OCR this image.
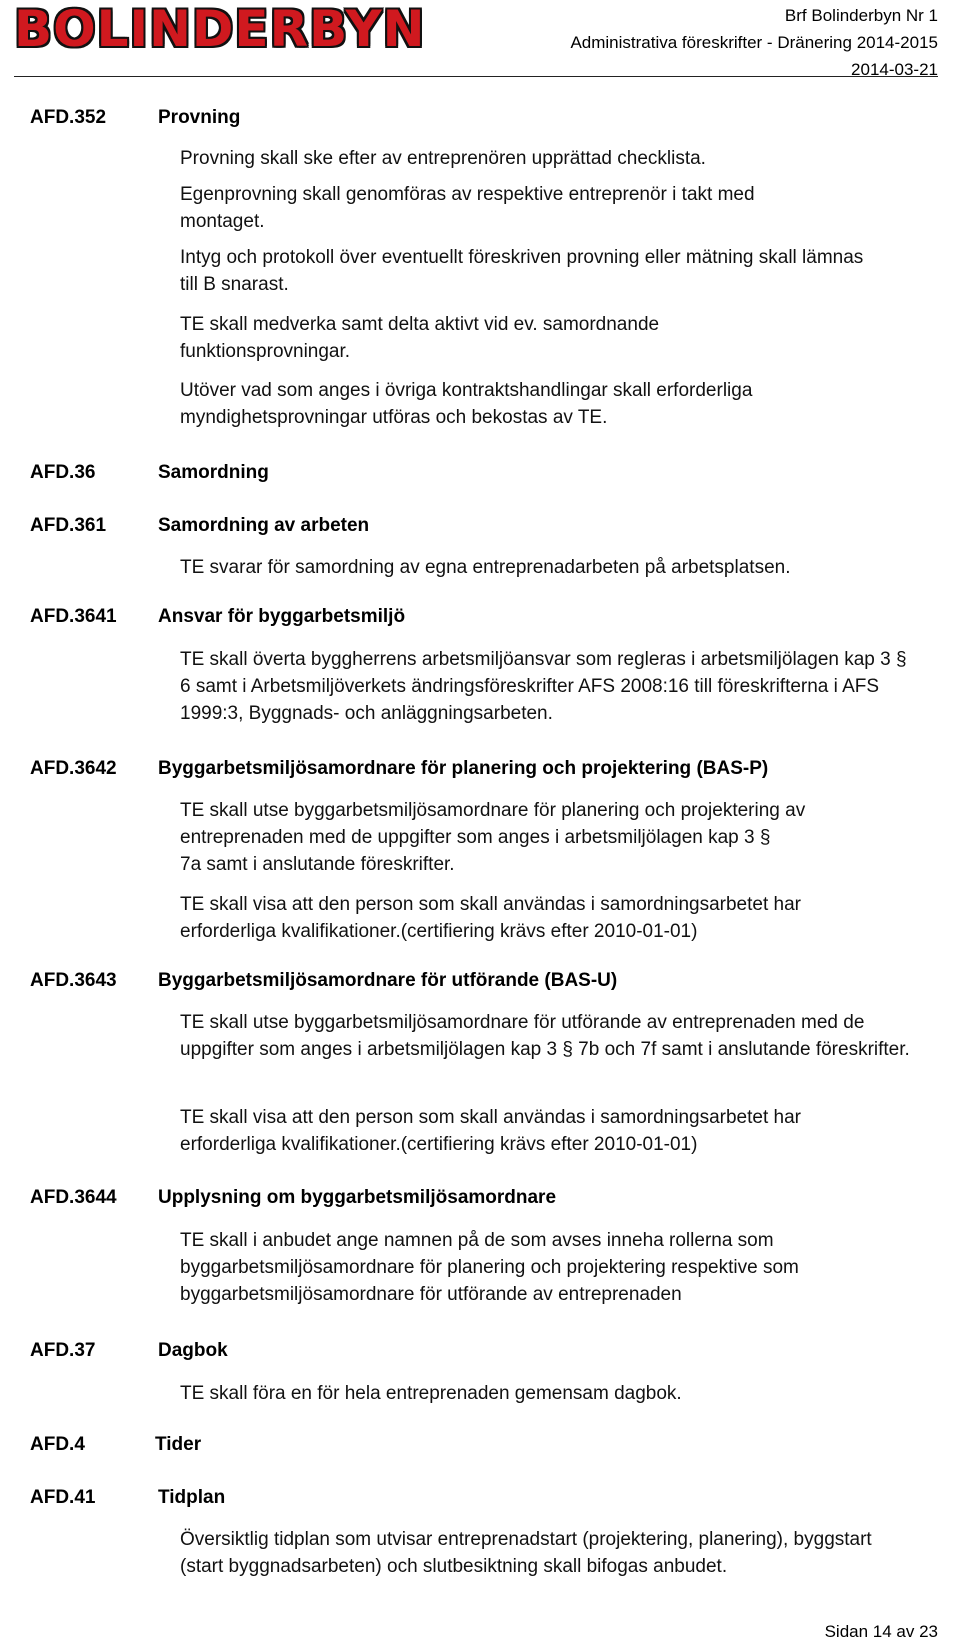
BOLINDERBYN	Brf Bolinderbyn Nr 1
Administrativa föreskrifter - Dränering 2014-2015
2014-03-21
AFD.352	Provning
Provning skall ske efter av entreprenören upprättad checklista.
Egenprovning skall genomföras av respektive entreprenör i takt med montaget.
Intyg och protokoll över eventuellt föreskriven provning eller mätning skall lämnas till B snarast.
TE skall medverka samt delta aktivt vid ev. samordnande funktionsprovningar.
Utöver vad som anges i övriga kontraktshandlingar skall erforderliga myndighetsprovningar utföras och bekostas av TE.
AFD.36	Samordning
AFD.361	Samordning av arbeten
TE svarar för samordning av egna entreprenadarbeten på arbetsplatsen.
AFD.3641 Ansvar för byggarbetsmiljö
TE skall överta byggherrens arbetsmiljöansvar som regleras i arbetsmiljölagen kap 3 § 6 samt i Arbetsmiljöverkets ändringsföreskrifter AFS 2008:16 till föreskrifterna i AFS 1999:3, Byggnads- och anläggningsarbeten.
AFD.3642 Byggarbetsmiljösamordnare för planering och projektering (BAS-P)
TE skall utse byggarbetsmiljösamordnare för planering och projektering av
entreprenaden med de uppgifter som anges i arbetsmiljölagen kap 3 §
7a samt i anslutande föreskrifter.
TE skall visa att den person som skall användas i samordningsarbetet har erforderliga kvalifikationer.(certifiering krävs efter 2010-01-01)
AFD.3643 Byggarbetsmiljösamordnare för utförande (BAS-U)
TE skall utse byggarbetsmiljösamordnare för utförande av entreprenaden med de uppgifter som anges i arbetsmiljölagen kap 3 § 7b och 7f samt i anslutande föreskrifter.
TE skall visa att den person som skall användas i samordningsarbetet har erforderliga kvalifikationer.(certifiering krävs efter 2010-01-01)
AFD.3644 Upplysning om byggarbetsmiljösamordnare
TE skall i anbudet ange namnen på de som avses inneha rollerna som byggarbetsmiljösamordnare för planering och projektering respektive som byggarbetsmiljösamordnare för utförande av entreprenaden
AFD.37	Dagbok
TE skall föra en för hela entreprenaden gemensam dagbok.
AFD.4	Tider
AFD.41	Tidplan
Översiktlig tidplan som utvisar entreprenadstart (projektering, planering), byggstart (start byggnadsarbeten) och slutbesiktning skall bifogas anbudet.
Sidan 14 av 23
